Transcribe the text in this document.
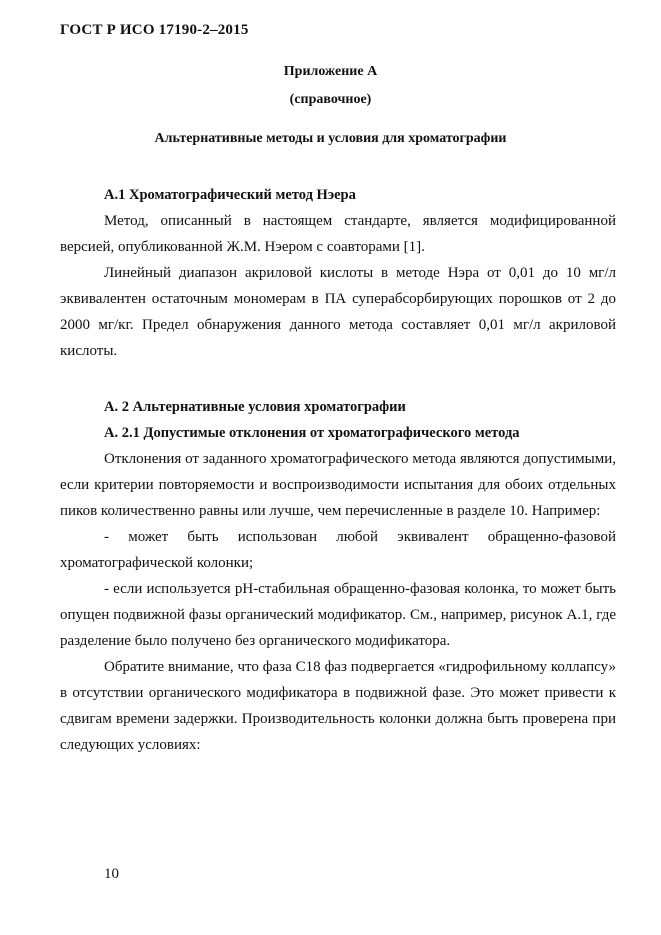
ГОСТ Р ИСО 17190-2–2015
Приложение А
(справочное)
Альтернативные методы и условия для хроматографии

А.1 Хроматографический метод Нэера

Метод, описанный в настоящем стандарте, является модифицированной версией, опубликованной Ж.М. Нэером с соавторами [1].

Линейный диапазон акриловой кислоты в методе Нэра от 0,01 до 10 мг/л эквивалентен остаточным мономерам в ПА суперабсорбирующих порошков от 2 до 2000 мг/кг. Предел обнаружения данного метода составляет 0,01 мг/л акриловой кислоты.

А. 2 Альтернативные условия хроматографии

А. 2.1 Допустимые отклонения от хроматографического метода

Отклонения от заданного хроматографического метода являются допустимыми, если критерии повторяемости и воспроизводимости испытания для обоих отдельных пиков количественно равны или лучше, чем перечисленные в разделе 10. Например:

- может быть использован любой эквивалент обращенно-фазовой хроматографической колонки;

- если используется pH-стабильная обращенно-фазовая колонка, то может быть опущен подвижной фазы органический модификатор. См., например, рисунок А.1, где разделение было получено без органического модификатора.

Обратите внимание, что фаза С18 фаз подвергается «гидрофильному коллапсу» в отсутствии органического модификатора в подвижной фазе. Это может привести к сдвигам времени задержки. Производительность колонки должна быть проверена при следующих условиях:

10
